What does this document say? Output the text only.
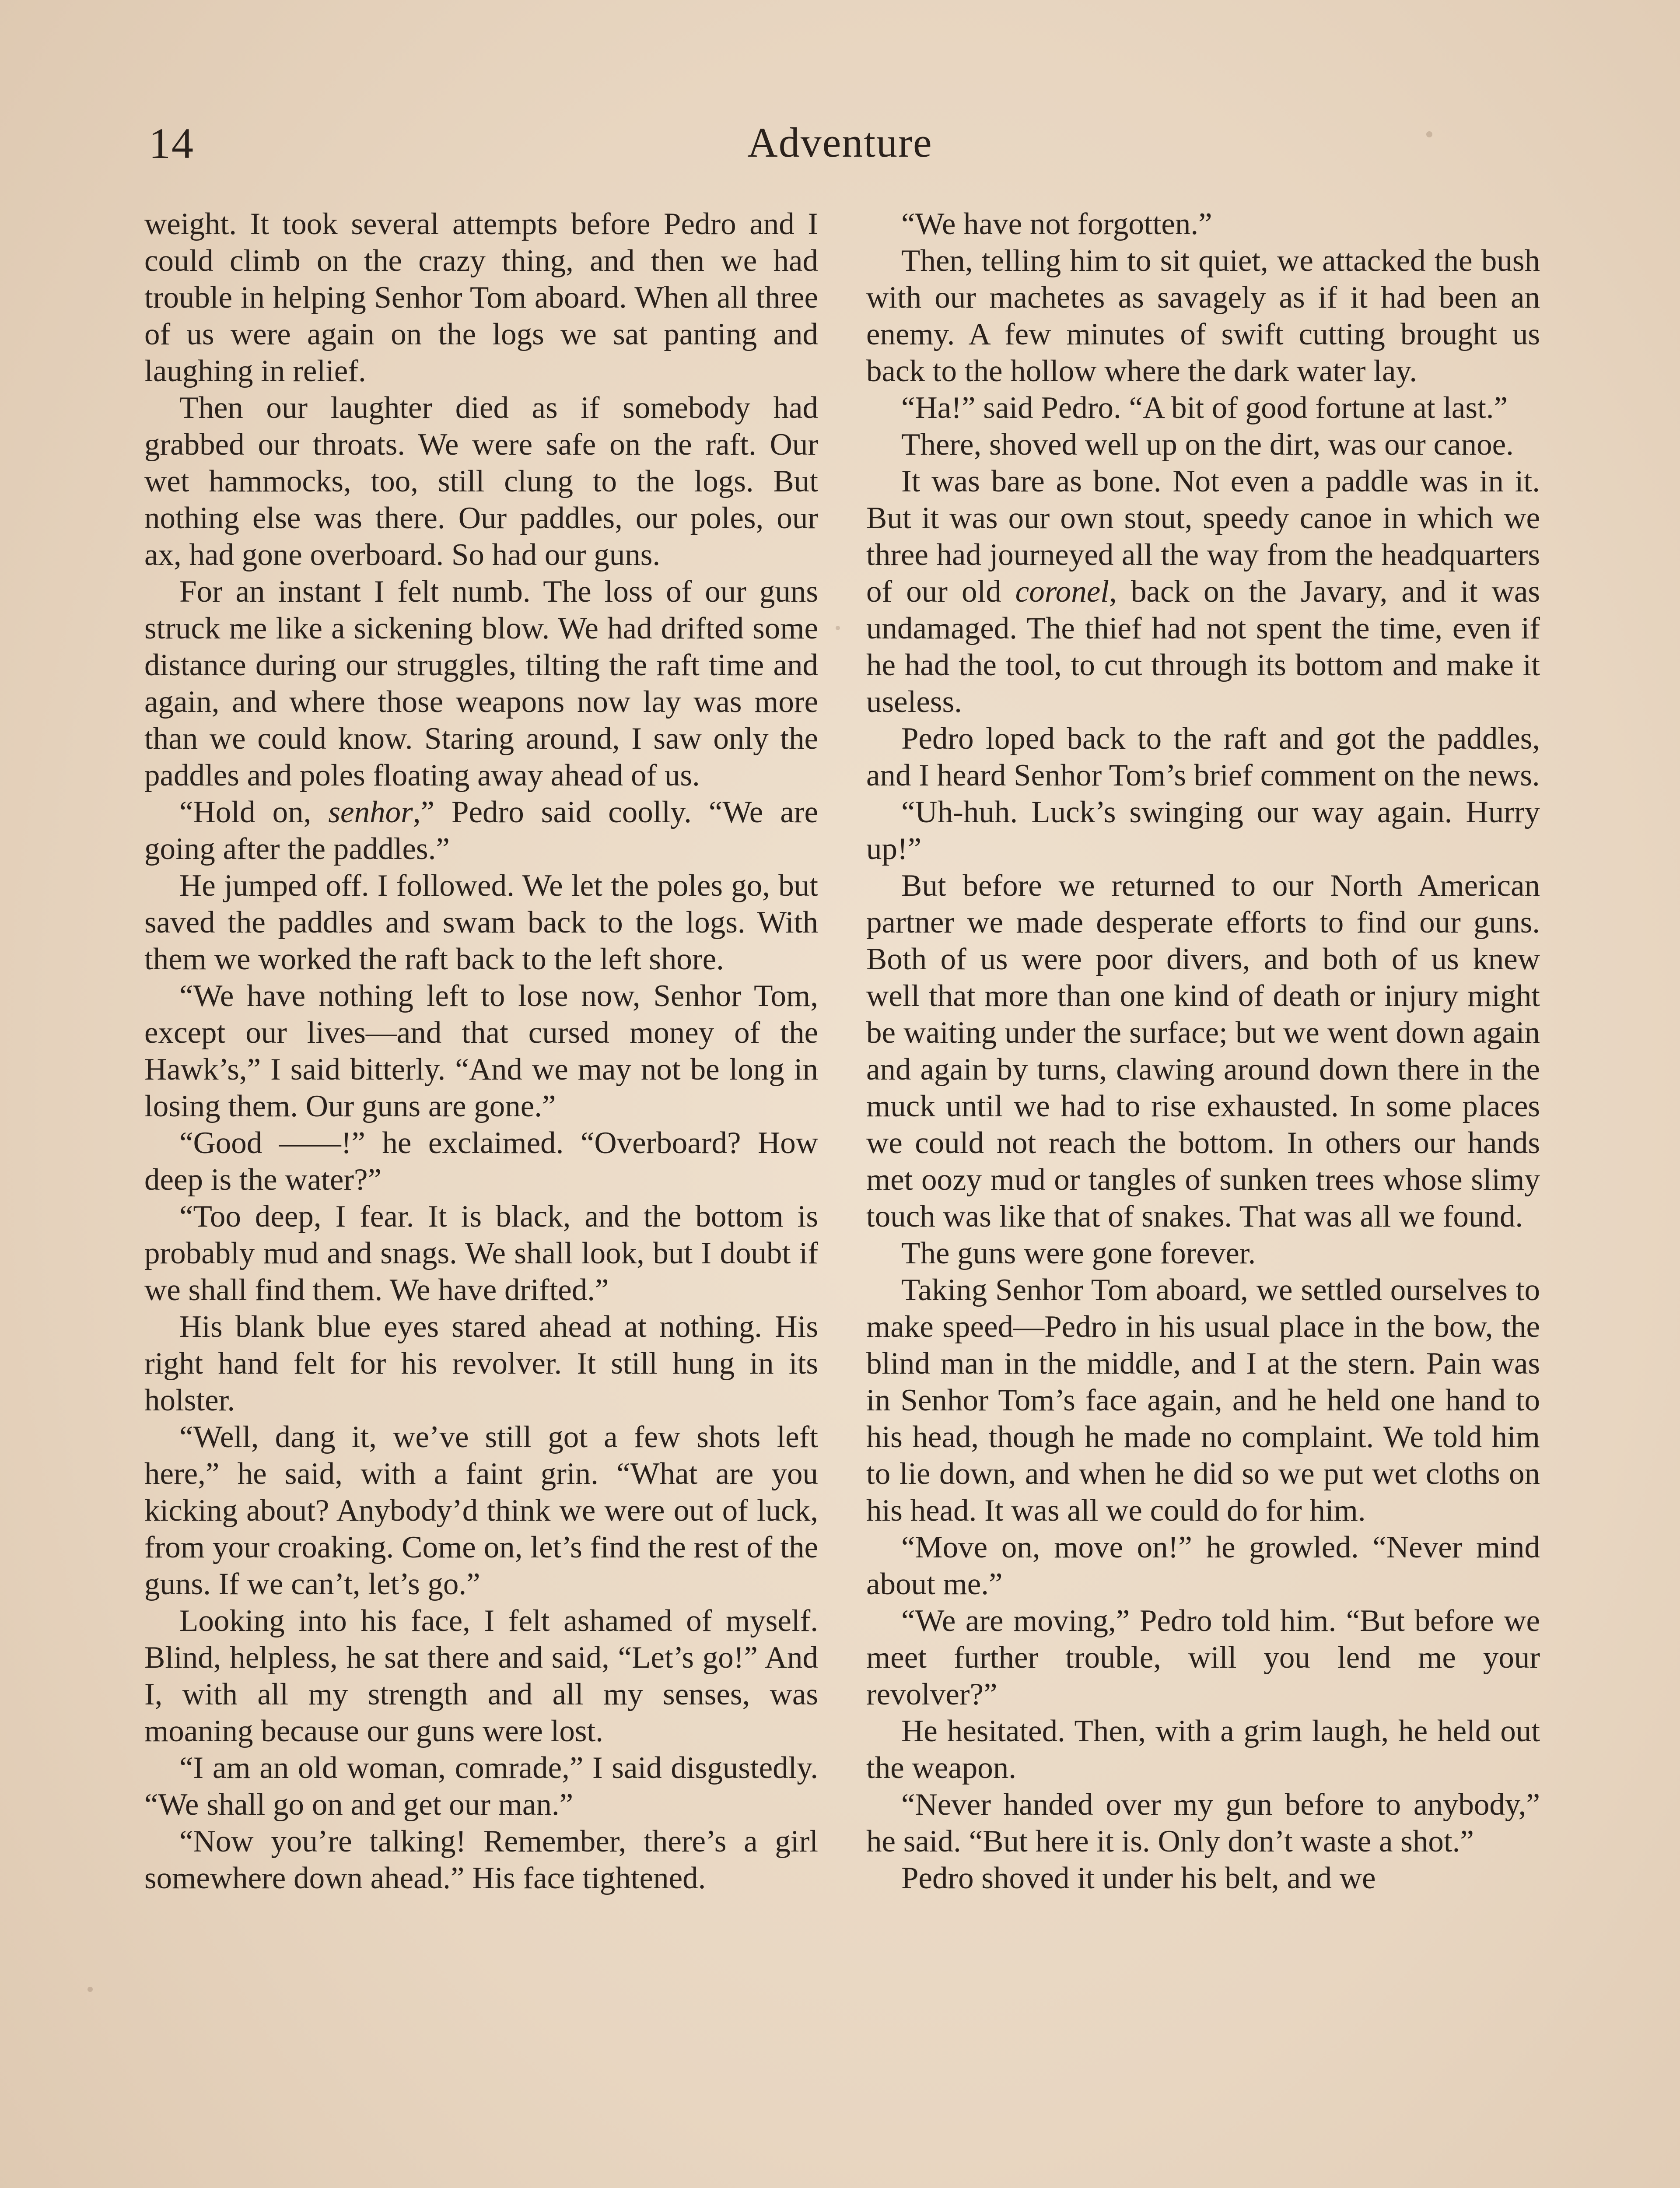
14	Adventure

weight. It took several attempts before Pedro and I could climb on the crazy thing, and then we had trouble in helping Senhor Tom aboard. When all three of us were again on the logs we sat panting and laughing in relief.

Then our laughter died as if somebody had grabbed our throats. We were safe on the raft. Our wet hammocks, too, still clung to the logs. But nothing else was there. Our paddles, our poles, our ax, had gone overboard. So had our guns.

For an instant I felt numb. The loss of our guns struck me like a sickening blow. We had drifted some distance during our struggles, tilting the raft time and again, and where those weapons now lay was more than we could know. Staring around, I saw only the paddles and poles floating away ahead of us.

“Hold on, senhor,” Pedro said coolly. “We are going after the paddles.”

He jumped off. I followed. We let the poles go, but saved the paddles and swam back to the logs. With them we worked the raft back to the left shore.

“We have nothing left to lose now, Senhor Tom, except our lives—and that cursed money of the Hawk’s,” I said bitterly. “And we may not be long in losing them. Our guns are gone.”

“Good ——!” he exclaimed. “Overboard? How deep is the water?”

“Too deep, I fear. It is black, and the bottom is probably mud and snags. We shall look, but I doubt if we shall find them. We have drifted.”

His blank blue eyes stared ahead at nothing. His right hand felt for his revolver. It still hung in its holster.

“Well, dang it, we’ve still got a few shots left here,” he said, with a faint grin. “What are you kicking about? Anybody’d think we were out of luck, from your croaking. Come on, let’s find the rest of the guns. If we can’t, let’s go.”

Looking into his face, I felt ashamed of myself. Blind, helpless, he sat there and said, “Let’s go!” And I, with all my strength and all my senses, was moaning because our guns were lost.

“I am an old woman, comrade,” I said disgustedly. “We shall go on and get our man.”

“Now you’re talking! Remember, there’s a girl somewhere down ahead.” His face tightened.

“We have not forgotten.”

Then, telling him to sit quiet, we attacked the bush with our machetes as savagely as if it had been an enemy. A few minutes of swift cutting brought us back to the hollow where the dark water lay.

“Ha!” said Pedro. “A bit of good fortune at last.”

There, shoved well up on the dirt, was our canoe.

It was bare as bone. Not even a paddle was in it. But it was our own stout, speedy canoe in which we three had journeyed all the way from the headquarters of our old coronel, back on the Javary, and it was undamaged. The thief had not spent the time, even if he had the tool, to cut through its bottom and make it useless.

Pedro loped back to the raft and got the paddles, and I heard Senhor Tom’s brief comment on the news.

“Uh-huh. Luck’s swinging our way again. Hurry up!”

But before we returned to our North American partner we made desperate efforts to find our guns. Both of us were poor divers, and both of us knew well that more than one kind of death or injury might be waiting under the surface; but we went down again and again by turns, clawing around down there in the muck until we had to rise exhausted. In some places we could not reach the bottom. In others our hands met oozy mud or tangles of sunken trees whose slimy touch was like that of snakes. That was all we found.

The guns were gone forever.

Taking Senhor Tom aboard, we settled ourselves to make speed—Pedro in his usual place in the bow, the blind man in the middle, and I at the stern. Pain was in Senhor Tom’s face again, and he held one hand to his head, though he made no complaint. We told him to lie down, and when he did so we put wet cloths on his head. It was all we could do for him.

“Move on, move on!” he growled. “Never mind about me.”

“We are moving,” Pedro told him. “But before we meet further trouble, will you lend me your revolver?”

He hesitated. Then, with a grim laugh, he held out the weapon.

“Never handed over my gun before to anybody,” he said. “But here it is. Only don’t waste a shot.”

Pedro shoved it under his belt, and we
